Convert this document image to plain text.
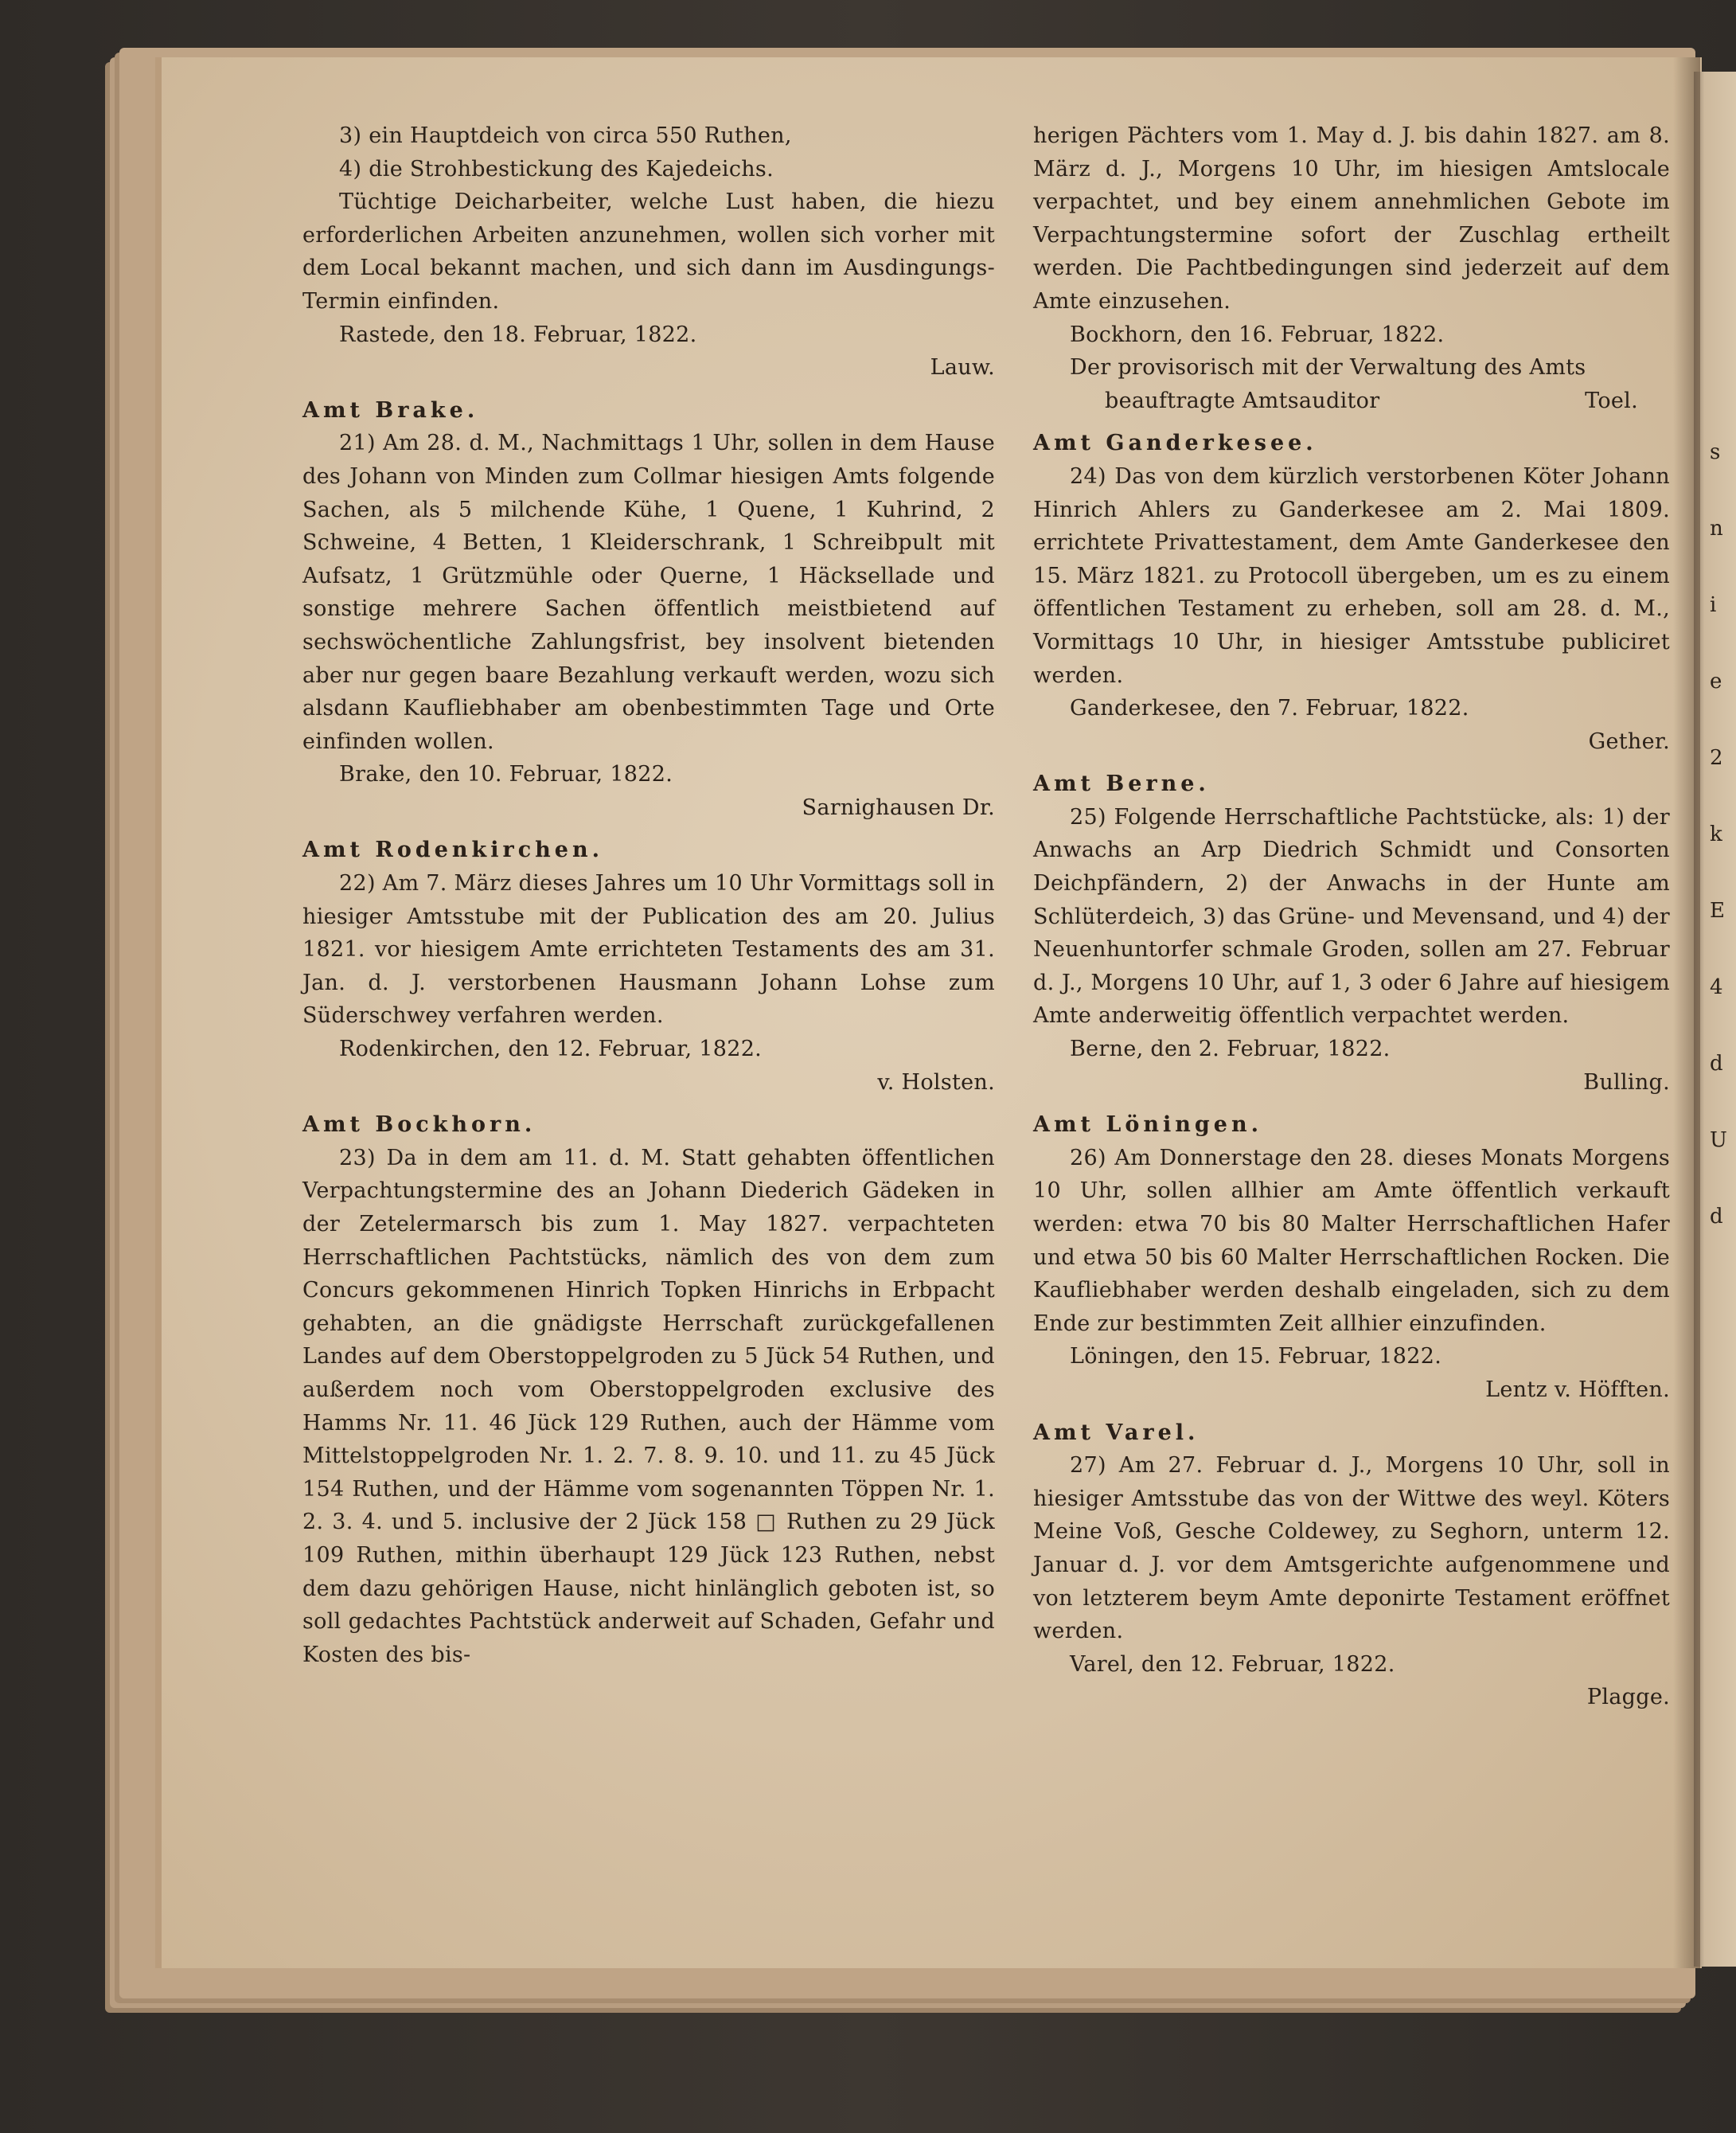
3) ein Hauptdeich von circa 550 Ruthen,

4) die Strohbestickung des Kajedeichs.

Tüchtige Deicharbeiter, welche Lust haben, die hiezu erforderlichen Arbeiten anzunehmen, wollen sich vorher mit dem Local bekannt machen, und sich dann im Ausdingungs-Termin einfinden.

Rastede, den 18. Februar, 1822.

Lauw.

Amt Brake.

21) Am 28. d. M., Nachmittags 1 Uhr, sollen in dem Hause des Johann von Minden zum Collmar hiesigen Amts folgende Sachen, als 5 milchende Kühe, 1 Quene, 1 Kuhrind, 2 Schweine, 4 Betten, 1 Kleiderschrank, 1 Schreibpult mit Aufsatz, 1 Grützmühle oder Querne, 1 Häcksellade und sonstige mehrere Sachen öffentlich meistbietend auf sechswöchentliche Zahlungsfrist, bey insolvent bietenden aber nur gegen baare Bezahlung verkauft werden, wozu sich alsdann Kaufliebhaber am obenbestimmten Tage und Orte einfinden wollen.

Brake, den 10. Februar, 1822.

Sarnighausen Dr.

Amt Rodenkirchen.

22) Am 7. März dieses Jahres um 10 Uhr Vormittags soll in hiesiger Amtsstube mit der Publication des am 20. Julius 1821. vor hiesigem Amte errichteten Testaments des am 31. Jan. d. J. verstorbenen Hausmann Johann Lohse zum Süderschwey verfahren werden.

Rodenkirchen, den 12. Februar, 1822.

v. Holsten.

Amt Bockhorn.

23) Da in dem am 11. d. M. Statt gehabten öffentlichen Verpachtungstermine des an Johann Diederich Gädeken in der Zetelermarsch bis zum 1. May 1827. verpachteten Herrschaftlichen Pachtstücks, nämlich des von dem zum Concurs gekommenen Hinrich Topken Hinrichs in Erbpacht gehabten, an die gnädigste Herrschaft zurückgefallenen Landes auf dem Oberstoppelgroden zu 5 Jück 54 Ruthen, und außerdem noch vom Oberstoppelgroden exclusive des Hamms Nr. 11. 46 Jück 129 Ruthen, auch der Hämme vom Mittelstoppelgroden Nr. 1. 2. 7. 8. 9. 10. und 11. zu 45 Jück 154 Ruthen, und der Hämme vom sogenannten Töppen Nr. 1. 2. 3. 4. und 5. inclusive der 2 Jück 158 □ Ruthen zu 29 Jück 109 Ruthen, mithin überhaupt 129 Jück 123 Ruthen, nebst dem dazu gehörigen Hause, nicht hinlänglich geboten ist, so soll gedachtes Pachtstück anderweit auf Schaden, Gefahr und Kosten des bis-

herigen Pächters vom 1. May d. J. bis dahin 1827. am 8. März d. J., Morgens 10 Uhr, im hiesigen Amtslocale verpachtet, und bey einem annehmlichen Gebote im Verpachtungstermine sofort der Zuschlag ertheilt werden. Die Pachtbedingungen sind jederzeit auf dem Amte einzusehen.

Bockhorn, den 16. Februar, 1822.

Der provisorisch mit der Verwaltung des Amts

beauftragte Amtsauditor	Toel.

Amt Ganderkesee.

24) Das von dem kürzlich verstorbenen Köter Johann Hinrich Ahlers zu Ganderkesee am 2. Mai 1809. errichtete Privattestament, dem Amte Ganderkesee den 15. März 1821. zu Protocoll übergeben, um es zu einem öffentlichen Testament zu erheben, soll am 28. d. M., Vormittags 10 Uhr, in hiesiger Amtsstube publiciret werden.

Ganderkesee, den 7. Februar, 1822.

Gether.

Amt Berne.

25) Folgende Herrschaftliche Pachtstücke, als: 1) der Anwachs an Arp Diedrich Schmidt und Consorten Deichpfändern, 2) der Anwachs in der Hunte am Schlüterdeich, 3) das Grüne- und Mevensand, und 4) der Neuenhuntorfer schmale Groden, sollen am 27. Februar d. J., Morgens 10 Uhr, auf 1, 3 oder 6 Jahre auf hiesigem Amte anderweitig öffentlich verpachtet werden.

Berne, den 2. Februar, 1822.

Bulling.

Amt Löningen.

26) Am Donnerstage den 28. dieses Monats Morgens 10 Uhr, sollen allhier am Amte öffentlich verkauft werden: etwa 70 bis 80 Malter Herrschaftlichen Hafer und etwa 50 bis 60 Malter Herrschaftlichen Rocken. Die Kaufliebhaber werden deshalb eingeladen, sich zu dem Ende zur bestimmten Zeit allhier einzufinden.

Löningen, den 15. Februar, 1822.

Lentz v. Höfften.

Amt Varel.

27) Am 27. Februar d. J., Morgens 10 Uhr, soll in hiesiger Amtsstube das von der Wittwe des weyl. Köters Meine Voß, Gesche Coldewey, zu Seghorn, unterm 12. Januar d. J. vor dem Amtsgerichte aufgenommene und von letzterem beym Amte deponirte Testament eröffnet werden.

Varel, den 12. Februar, 1822.

Plagge.

s
n
i
e
2
k
E
4
d
U
d
